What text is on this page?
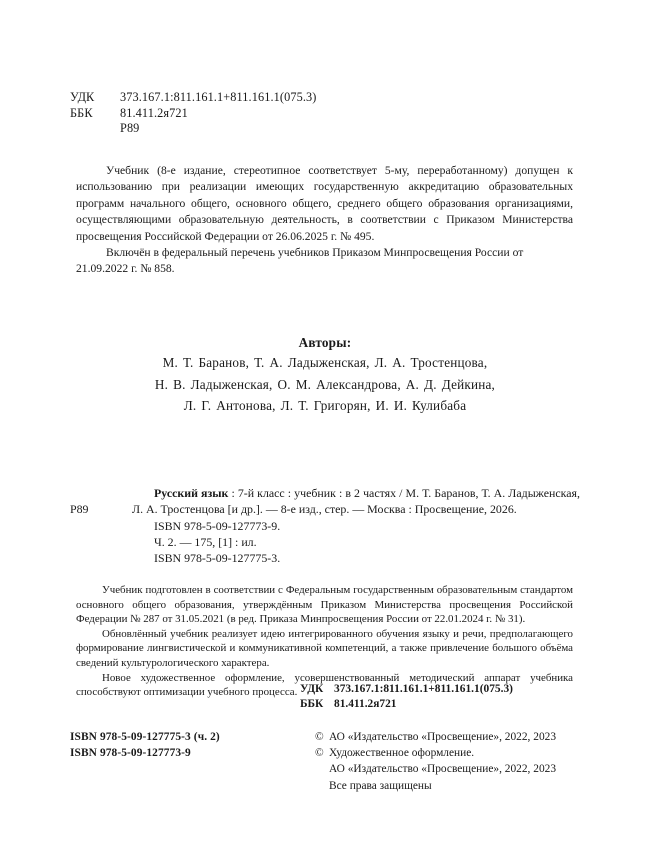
УДК	373.167.1:811.161.1+811.161.1(075.3)
ББК	81.411.2я721
Р89

Учебник (8-е издание, стереотипное соответствует 5-му, переработанному) допущен к использованию при реализации имеющих государственную аккредитацию образовательных программ начального общего, основного общего, среднего общего образования организациями, осуществляющими образовательную деятельность, в соответствии с Приказом Министерства просвещения Российской Федерации от 26.06.2025 г. № 495.

Включён в федеральный перечень учебников Приказом Минпросвещения России от 21.09.2022 г. № 858.

Авторы:
М. Т. Баранов, Т. А. Ладыженская, Л. А. Тростенцова,
Н. В. Ладыженская, О. М. Александрова, А. Д. Дейкина,
Л. Г. Антонова, Л. Т. Григорян, И. И. Кулибаба
Р89
Русский язык : 7-й класс : учебник : в 2 частях / М. Т. Баранов, Т. А. Ладыженская, Л. А. Тростенцова [и др.]. — 8-е изд., стер. — Москва : Просвещение, 2026.
ISBN 978-5-09-127773-9.
Ч. 2. — 175, [1] : ил.
ISBN 978-5-09-127775-3.

Учебник подготовлен в соответствии с Федеральным государственным образовательным стандартом основного общего образования, утверждённым Приказом Министерства просвещения Российской Федерации № 287 от 31.05.2021 (в ред. Приказа Минпросвещения России от 22.01.2024 г. № 31).

Обновлённый учебник реализует идею интегрированного обучения языку и речи, предполагающего формирование лингвистической и коммуникативной компетенций, а также привлечение большого объёма сведений культурологического характера.

Новое художественное оформление, усовершенствованный методический аппарат учебника способствуют оптимизации учебного процесса. УДК 373.167.1:811.161.1+811.161.1(075.3)
ББК 81.411.2я721
ISBN 978-5-09-127775-3 (ч. 2)
ISBN 978-5-09-127773-9
© АО «Издательство «Просвещение», 2022, 2023
© Художественное оформление.
АО «Издательство «Просвещение», 2022, 2023
Все права защищены
